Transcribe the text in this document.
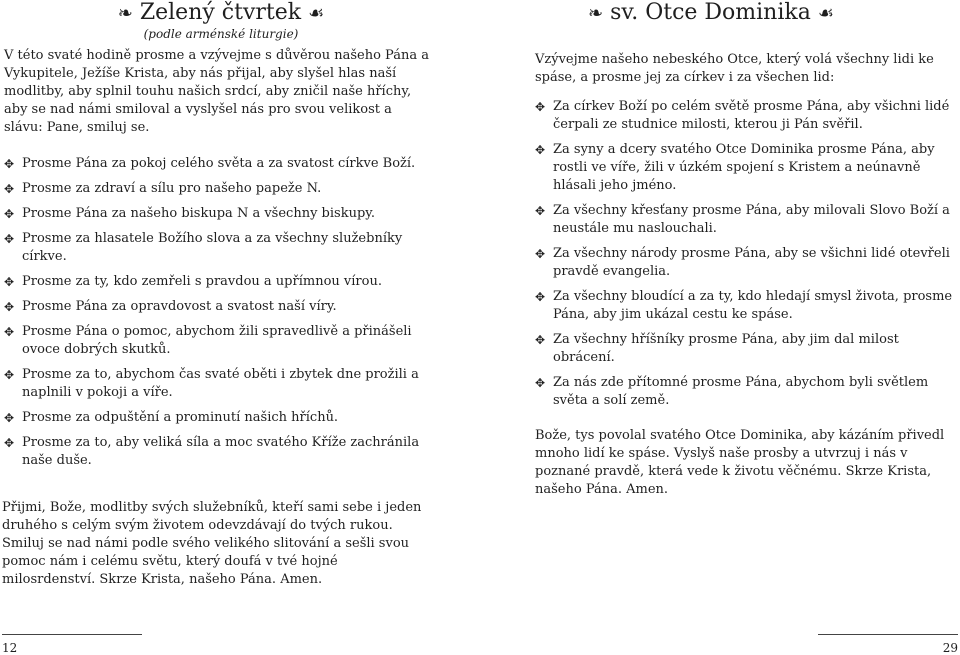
❧ Zelený čtvrtek ☙
(podle arménské liturgie)

V této svaté hodině prosme a vzývejme s důvěrou našeho Pána a Vykupitele, Ježíše Krista, aby nás přijal, aby slyšel hlas naší modlitby, aby splnil touhu našich srdcí, aby zničil naše hříchy, aby se nad námi smiloval a vyslyšel nás pro svou velikost a slávu: Pane, smiluj se.

✥ Prosme Pána za pokoj celého světa a za svatost církve Boží.
✥ Prosme za zdraví a sílu pro našeho papeže N.
✥ Prosme Pána za našeho biskupa N a všechny biskupy.
✥ Prosme za hlasatele Božího slova a za všechny služebníky církve.
✥ Prosme za ty, kdo zemřeli s pravdou a upřímnou vírou.
✥ Prosme Pána za opravdovost a svatost naší víry.
✥ Prosme Pána o pomoc, abychom žili spravedlivě a přinášeli ovoce dobrých skutků.
✥ Prosme za to, abychom čas svaté oběti i zbytek dne prožili a naplnili v pokoji a víře.
✥ Prosme za odpuštění a prominutí našich hříchů.
✥ Prosme za to, aby veliká síla a moc svatého Kříže zachránila naše duše.

Přijmi, Bože, modlitby svých služebníků, kteří sami sebe i jeden druhého s celým svým životem odevzdávají do tvých rukou. Smiluj se nad námi podle svého velikého slitování a sešli svou pomoc nám i celému světu, který doufá v tvé hojné milosrdenství. Skrze Krista, našeho Pána. Amen.

12
❧ sv. Otce Dominika ☙

Vzývejme našeho nebeského Otce, který volá všechny lidi ke spáse, a prosme jej za církev i za všechen lid:

✥ Za církev Boží po celém světě prosme Pána, aby všichni lidé čerpali ze studnice milosti, kterou ji Pán svěřil.
✥ Za syny a dcery svatého Otce Dominika prosme Pána, aby rostli ve víře, žili v úzkém spojení s Kristem a neúnavně hlásali jeho jméno.
✥ Za všechny křesťany prosme Pána, aby milovali Slovo Boží a neustále mu naslouchali.
✥ Za všechny národy prosme Pána, aby se všichni lidé otevřeli pravdě evangelia.
✥ Za všechny bloudící a za ty, kdo hledají smysl života, prosme Pána, aby jim ukázal cestu ke spáse.
✥ Za všechny hříšníky prosme Pána, aby jim dal milost obrácení.
✥ Za nás zde přítomné prosme Pána, abychom byli světlem světa a solí země.

Bože, tys povolal svatého Otce Dominika, aby kázáním přivedl mnoho lidí ke spáse. Vyslyš naše prosby a utvrzuj i nás v poznané pravdě, která vede k životu věčnému. Skrze Krista, našeho Pána. Amen.

29
